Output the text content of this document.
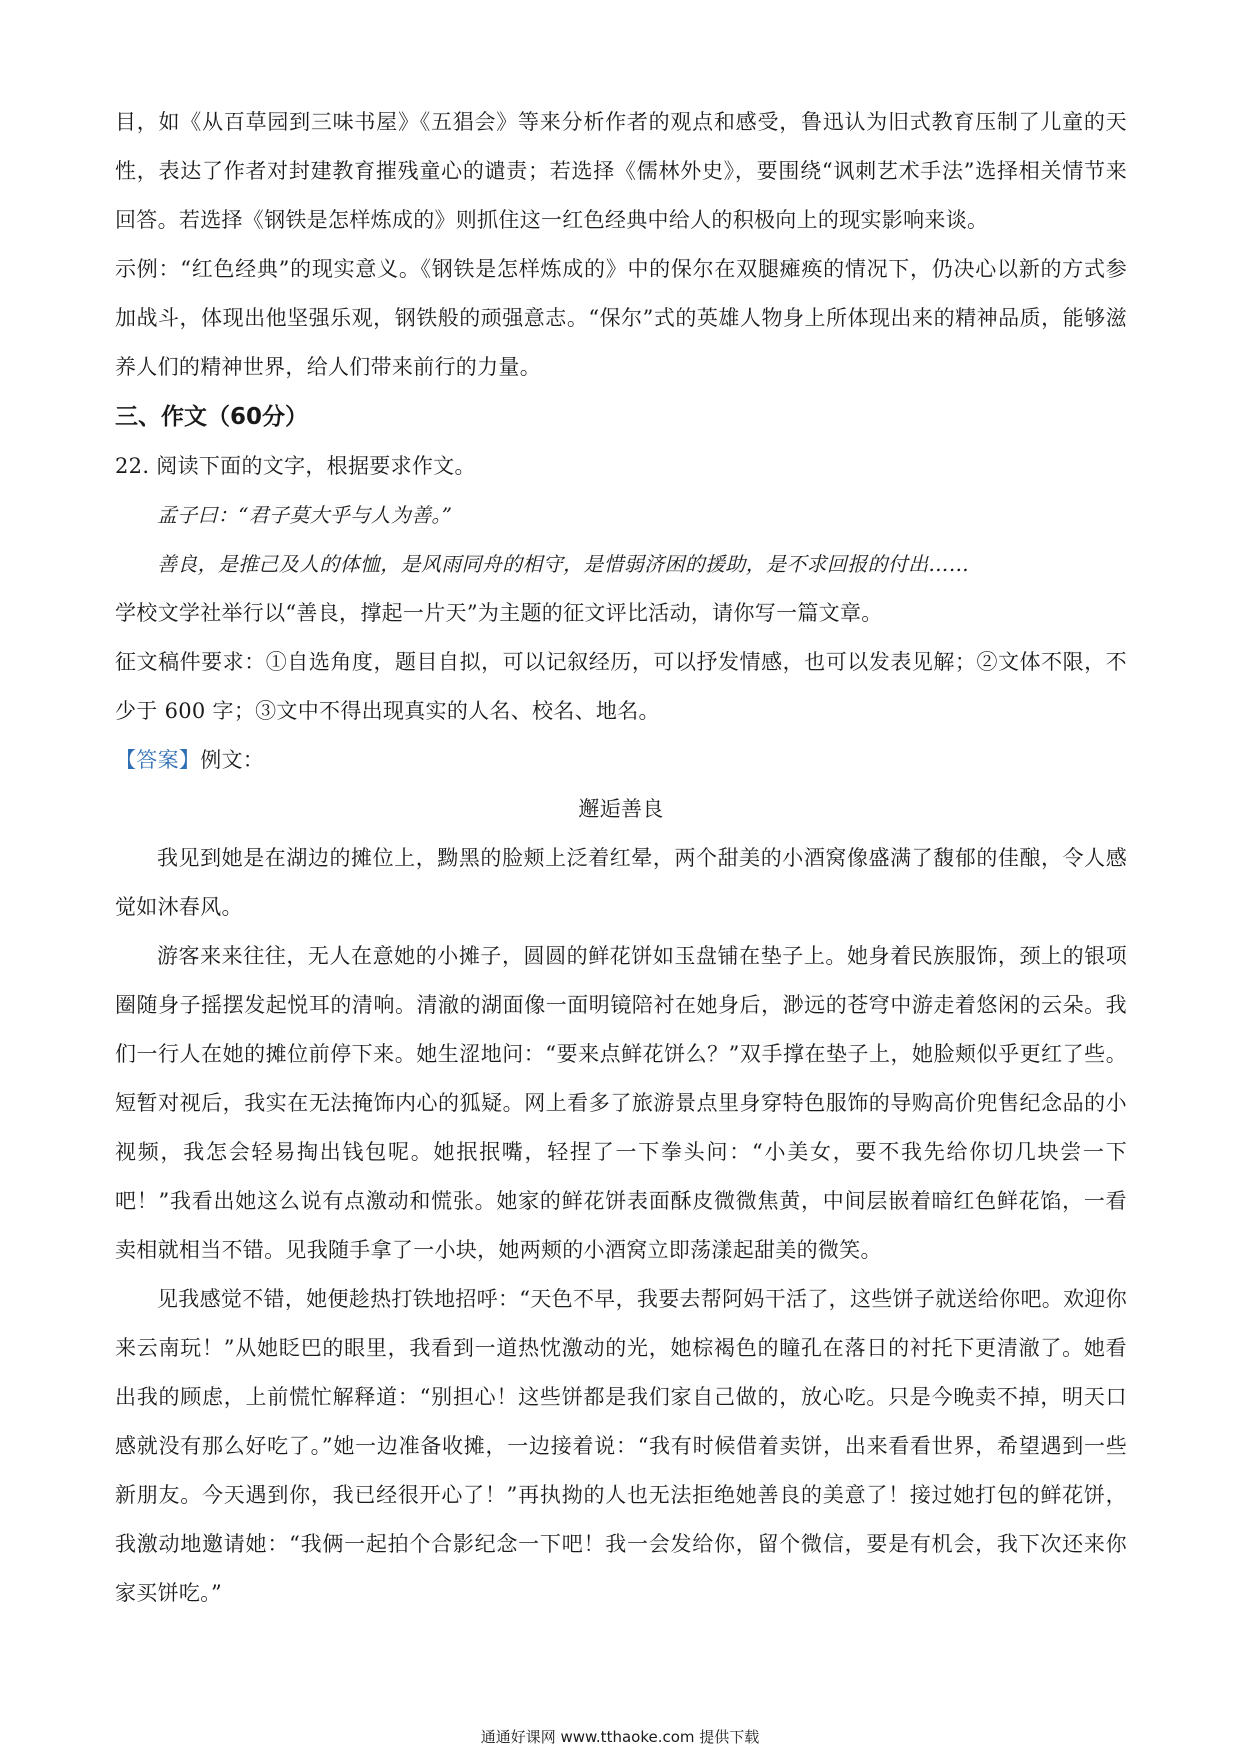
目，如《从百草园到三味书屋》《五猖会》等来分析作者的观点和感受，鲁迅认为旧式教育压制了儿童的天性，表达了作者对封建教育摧残童心的谴责；若选择《儒林外史》，要围绕“讽刺艺术手法”选择相关情节来回答。若选择《钢铁是怎样炼成的》则抓住这一红色经典中给人的积极向上的现实影响来谈。

示例：“红色经典”的现实意义。《钢铁是怎样炼成的》中的保尔在双腿瘫痪的情况下，仍决心以新的方式参加战斗，体现出他坚强乐观，钢铁般的顽强意志。“保尔”式的英雄人物身上所体现出来的精神品质，能够滋养人们的精神世界，给人们带来前行的力量。

三、作文（60分）

22. 阅读下面的文字，根据要求作文。

孟子曰：“君子莫大乎与人为善。”

善良，是推己及人的体恤，是风雨同舟的相守，是惜弱济困的援助，是不求回报的付出……

学校文学社举行以“善良，撑起一片天”为主题的征文评比活动，请你写一篇文章。

征文稿件要求：①自选角度，题目自拟，可以记叙经历，可以抒发情感，也可以发表见解；②文体不限，不少于 600 字；③文中不得出现真实的人名、校名、地名。

【答案】例文：

邂逅善良

我见到她是在湖边的摊位上，黝黑的脸颊上泛着红晕，两个甜美的小酒窝像盛满了馥郁的佳酿，令人感觉如沐春风。

游客来来往往，无人在意她的小摊子，圆圆的鲜花饼如玉盘铺在垫子上。她身着民族服饰，颈上的银项圈随身子摇摆发起悦耳的清响。清澈的湖面像一面明镜陪衬在她身后，渺远的苍穹中游走着悠闲的云朵。我们一行人在她的摊位前停下来。她生涩地问：“要来点鲜花饼么？”双手撑在垫子上，她脸颊似乎更红了些。短暂对视后，我实在无法掩饰内心的狐疑。网上看多了旅游景点里身穿特色服饰的导购高价兜售纪念品的小视频，我怎会轻易掏出钱包呢。她抿抿嘴，轻捏了一下拳头问：“小美女，要不我先给你切几块尝一下吧！”我看出她这么说有点激动和慌张。她家的鲜花饼表面酥皮微微焦黄，中间层嵌着暗红色鲜花馅，一看卖相就相当不错。见我随手拿了一小块，她两颊的小酒窝立即荡漾起甜美的微笑。

见我感觉不错，她便趁热打铁地招呼：“天色不早，我要去帮阿妈干活了，这些饼子就送给你吧。欢迎你来云南玩！”从她眨巴的眼里，我看到一道热忱激动的光，她棕褐色的瞳孔在落日的衬托下更清澈了。她看出我的顾虑，上前慌忙解释道：“别担心！这些饼都是我们家自己做的，放心吃。只是今晚卖不掉，明天口感就没有那么好吃了。”她一边准备收摊，一边接着说：“我有时候借着卖饼，出来看看世界，希望遇到一些新朋友。今天遇到你，我已经很开心了！”再执拗的人也无法拒绝她善良的美意了！接过她打包的鲜花饼，我激动地邀请她：“我俩一起拍个合影纪念一下吧！我一会发给你，留个微信，要是有机会，我下次还来你家买饼吃。”

通通好课网 www.tthaoke.com 提供下载
